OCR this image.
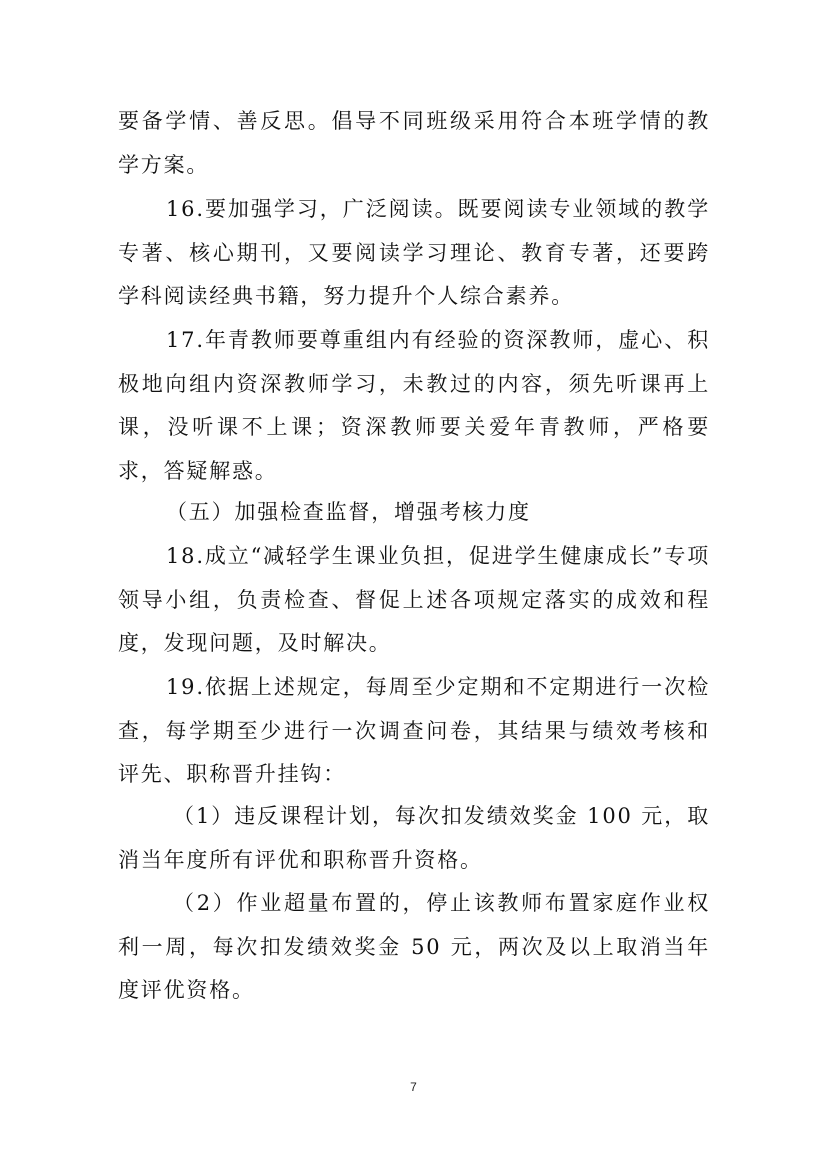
要备学情、善反思。倡导不同班级采用符合本班学情的教学方案。

16.要加强学习，广泛阅读。既要阅读专业领域的教学专著、核心期刊，又要阅读学习理论、教育专著，还要跨学科阅读经典书籍，努力提升个人综合素养。

17.年青教师要尊重组内有经验的资深教师，虚心、积极地向组内资深教师学习，未教过的内容，须先听课再上课，没听课不上课；资深教师要关爱年青教师，严格要求，答疑解惑。

（五）加强检查监督，增强考核力度

18.成立“减轻学生课业负担，促进学生健康成长”专项领导小组，负责检查、督促上述各项规定落实的成效和程度，发现问题，及时解决。

19.依据上述规定，每周至少定期和不定期进行一次检查，每学期至少进行一次调查问卷，其结果与绩效考核和评先、职称晋升挂钩：

（1）违反课程计划，每次扣发绩效奖金 100 元，取消当年度所有评优和职称晋升资格。

（2）作业超量布置的，停止该教师布置家庭作业权利一周，每次扣发绩效奖金 50 元，两次及以上取消当年度评优资格。

7
